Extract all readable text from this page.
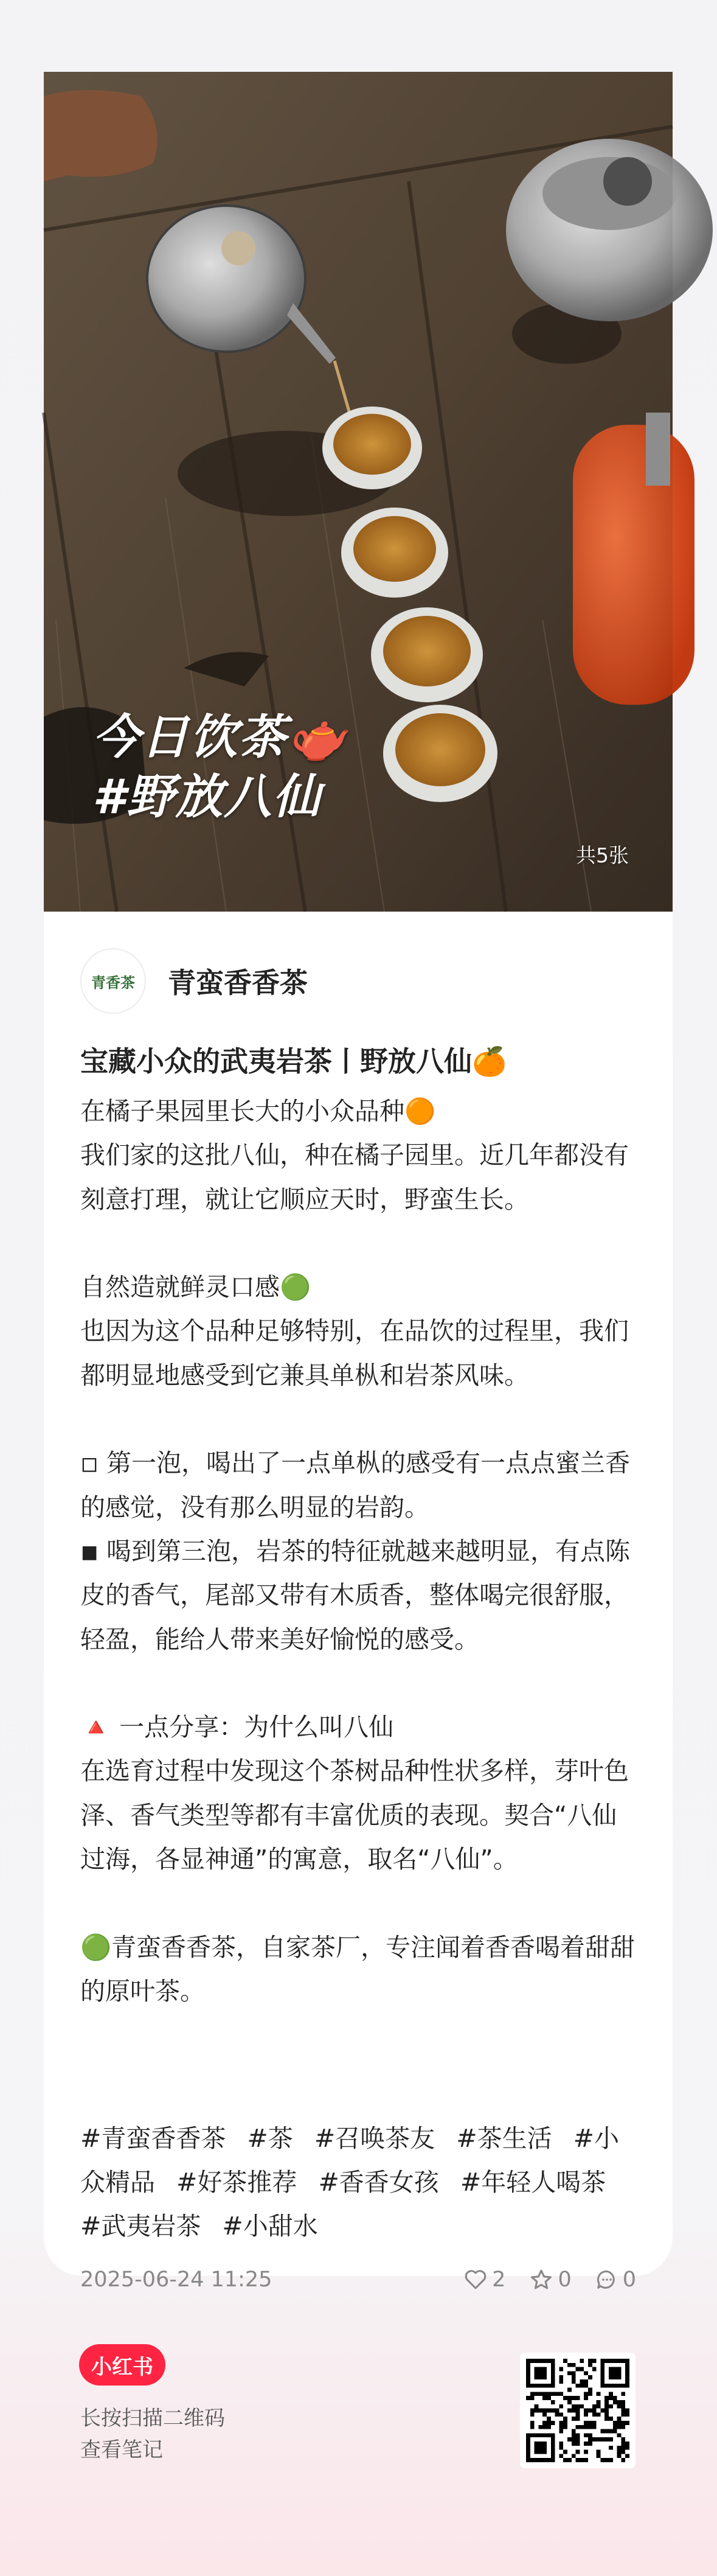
今日饮茶🫖
#野放八仙
共5张
青香茶	青蛮香香茶
宝藏小众的武夷岩茶丨野放八仙🍊

在橘子果园里长大的小众品种🟠

我们家的这批八仙，种在橘子园里。近几年都没有刻意打理，就让它顺应天时，野蛮生长。

自然造就鲜灵口感🟢

也因为这个品种足够特别，在品饮的过程里，我们都明显地感受到它兼具单枞和岩茶风味。

◽ 第一泡，喝出了一点单枞的感受有一点点蜜兰香的感觉，没有那么明显的岩韵。

◾ 喝到第三泡，岩茶的特征就越来越明显，有点陈皮的香气，尾部又带有木质香，整体喝完很舒服，轻盈，能给人带来美好愉悦的感受。

🔺 一点分享：为什么叫八仙

在选育过程中发现这个茶树品种性状多样，芽叶色泽、香气类型等都有丰富优质的表现。契合“八仙过海，各显神通”的寓意，取名“八仙”。

🟢青蛮香香茶，自家茶厂，专注闻着香香喝着甜甜的原叶茶。

#青蛮香香茶 #茶 #召唤茶友 #茶生活 #小众精品 #好茶推荐 #香香女孩 #年轻人喝茶 #武夷岩茶 #小甜水
2025-06-24 11:25	2 0 0
小红书
长按扫描二维码
查看笔记
